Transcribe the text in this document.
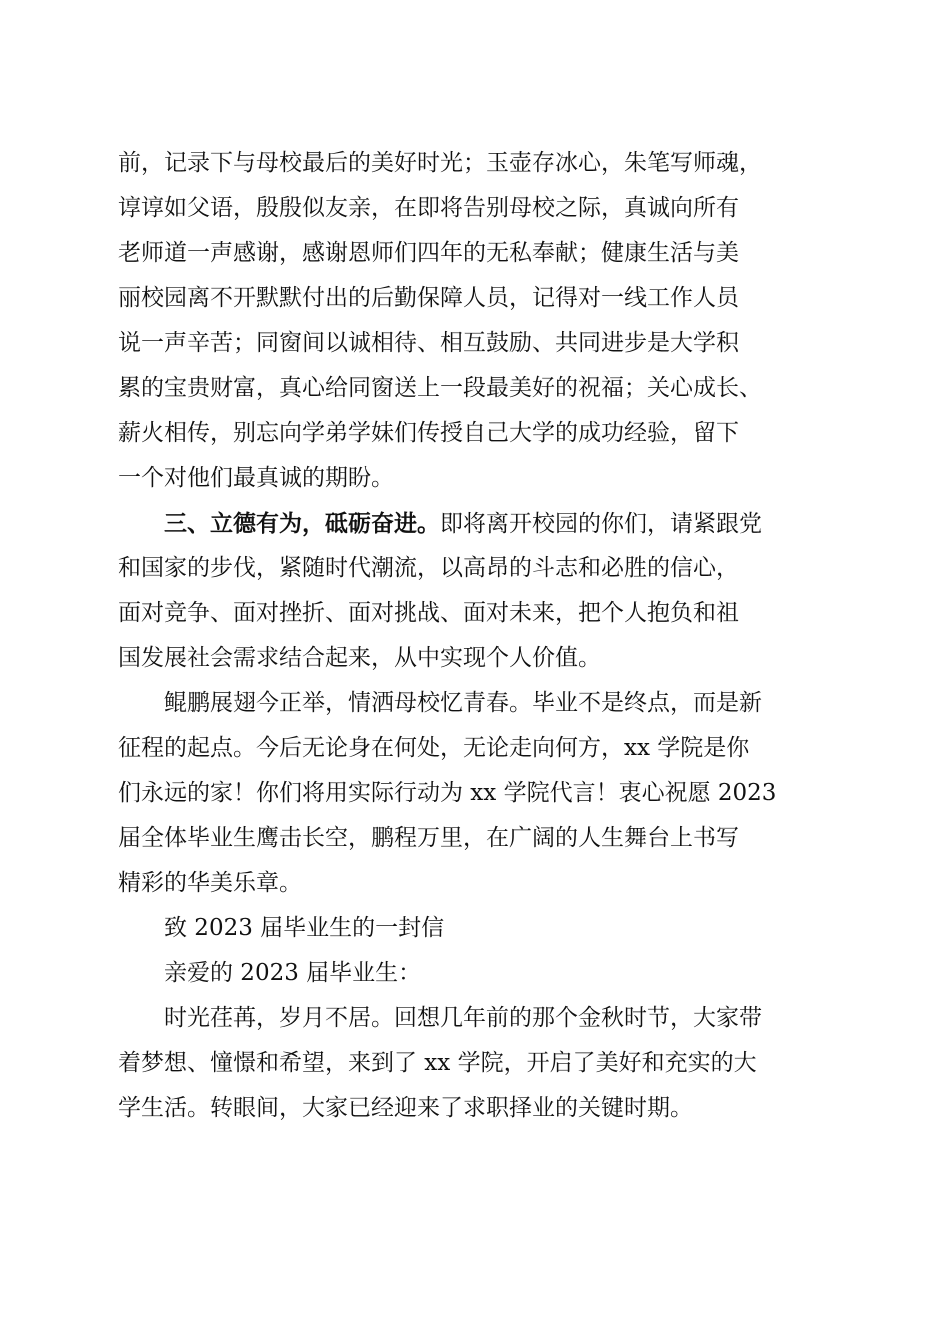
前，记录下与母校最后的美好时光；玉壶存冰心，朱笔写师魂，
谆谆如父语，殷殷似友亲，在即将告别母校之际，真诚向所有
老师道一声感谢，感谢恩师们四年的无私奉献；健康生活与美
丽校园离不开默默付出的后勤保障人员，记得对一线工作人员
说一声辛苦；同窗间以诚相待、相互鼓励、共同进步是大学积
累的宝贵财富，真心给同窗送上一段最美好的祝福；关心成长、
薪火相传，别忘向学弟学妹们传授自己大学的成功经验，留下
一个对他们最真诚的期盼。
三、立德有为，砥砺奋进。即将离开校园的你们，请紧跟党
和国家的步伐，紧随时代潮流，以高昂的斗志和必胜的信心，
面对竞争、面对挫折、面对挑战、面对未来，把个人抱负和祖
国发展社会需求结合起来，从中实现个人价值。
鲲鹏展翅今正举，情洒母校忆青春。毕业不是终点，而是新
征程的起点。今后无论身在何处，无论走向何方，xx 学院是你
们永远的家！你们将用实际行动为 xx 学院代言！衷心祝愿 2023
届全体毕业生鹰击长空，鹏程万里，在广阔的人生舞台上书写
精彩的华美乐章。
致 2023 届毕业生的一封信
亲爱的 2023 届毕业生：
时光荏苒，岁月不居。回想几年前的那个金秋时节，大家带
着梦想、憧憬和希望，来到了 xx 学院，开启了美好和充实的大
学生活。转眼间，大家已经迎来了求职择业的关键时期。
